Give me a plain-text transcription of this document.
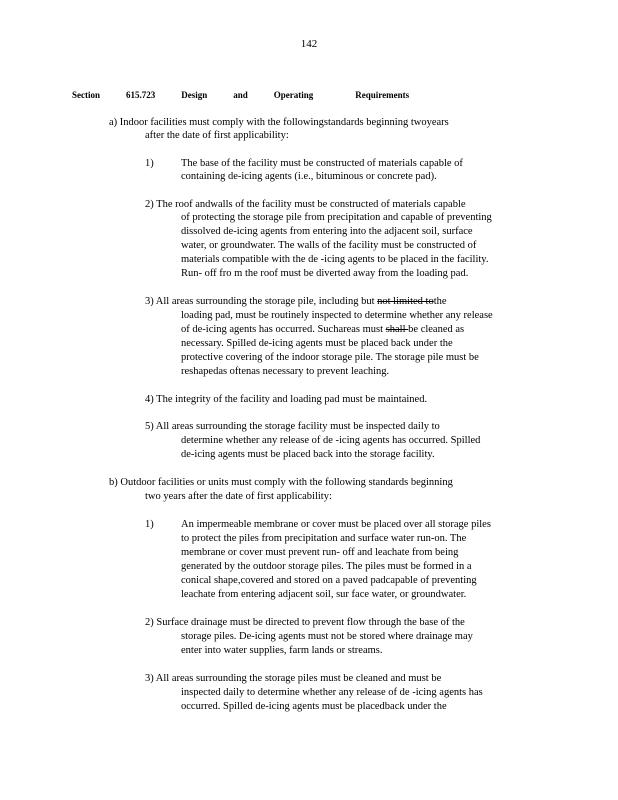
142
Section	615.723	Design	and	Operating	Requirements
a) Indoor facilities must comply with the followingstandards beginning twoyears
after the date of first applicability:
1)	The base of the facility must be constructed of materials capable of
containing de-icing agents (i.e., bituminous or concrete pad).
2) The roof andwalls of the facility must be constructed of materials capable
of protecting the storage pile from precipitation and capable of preventing
dissolved de-icing agents from entering into the adjacent soil, surface
water, or groundwater. The walls of the facility must be constructed of
materials compatible with the de -icing agents to be placed in the facility.
Run- off fro m the roof must be diverted away from the loading pad.
3) All areas surrounding the storage pile, including but not limited tothe
loading pad, must be routinely inspected to determine whether any release
of de-icing agents has occurred. Suchareas must shall be cleaned as
necessary. Spilled de-icing agents must be placed back under the
protective covering of the indoor storage pile. The storage pile must be
reshapedas oftenas necessary to prevent leaching.
4) The integrity of the facility and loading pad must be maintained.
5) All areas surrounding the storage facility must be inspected daily to
determine whether any release of de -icing agents has occurred. Spilled
de-icing agents must be placed back into the storage facility.
b) Outdoor facilities or units must comply with the following standards beginning
two years after the date of first applicability:
1)	An impermeable membrane or cover must be placed over all storage piles
to protect the piles from precipitation and surface water run-on. The
membrane or cover must prevent run- off and leachate from being
generated by the outdoor storage piles. The piles must be formed in a
conical shape,covered and stored on a paved padcapable of preventing
leachate from entering adjacent soil, sur face water, or groundwater.
2) Surface drainage must be directed to prevent flow through the base of the
storage piles. De-icing agents must not be stored where drainage may
enter into water supplies, farm lands or streams.
3) All areas surrounding the storage piles must be cleaned and must be
inspected daily to determine whether any release of de -icing agents has
occurred. Spilled de-icing agents must be placedback under the
